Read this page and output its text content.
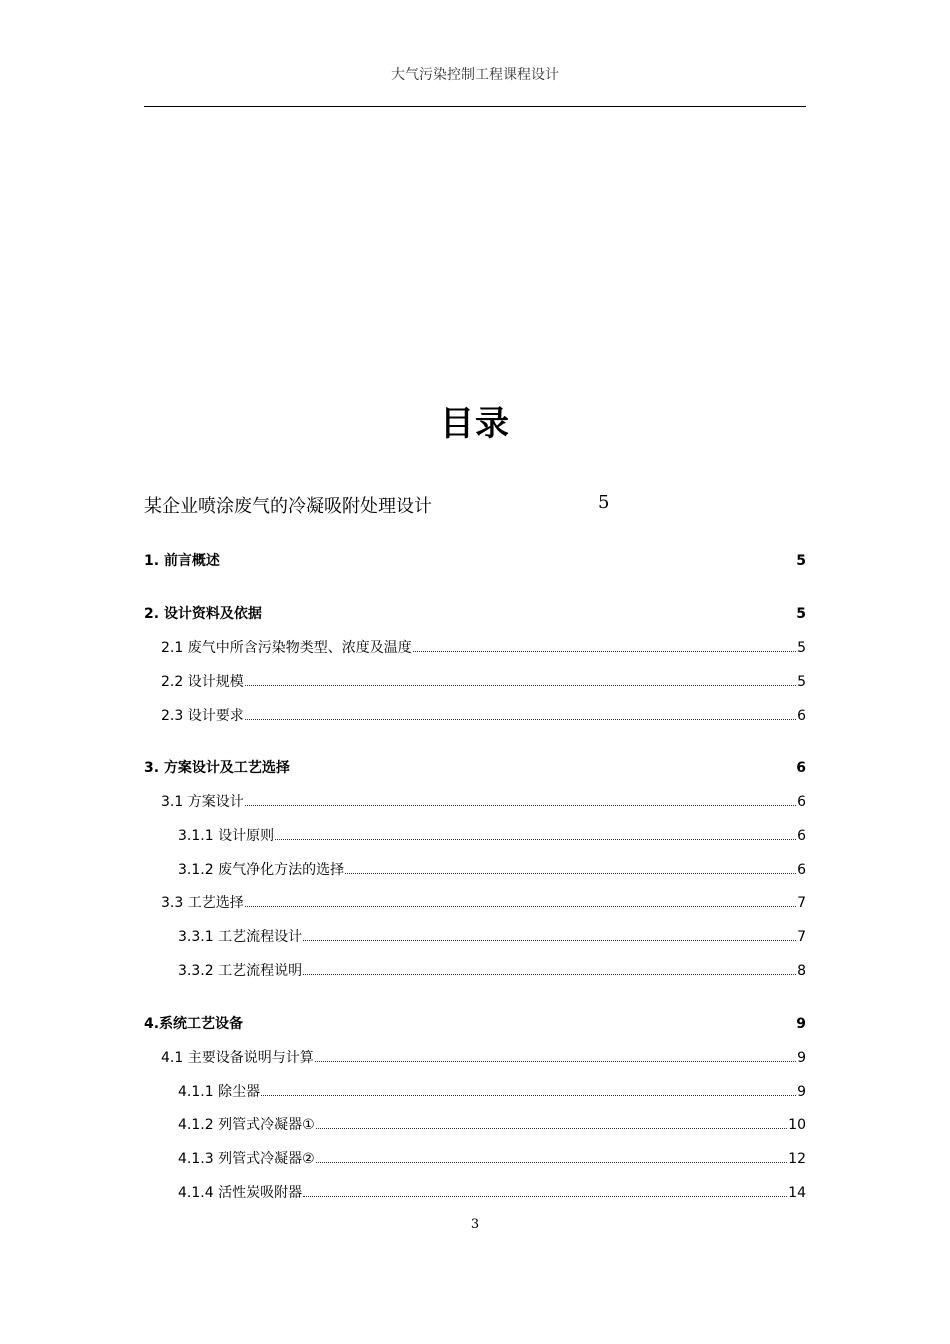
大气污染控制工程课程设计
目录
某企业喷涂废气的冷凝吸附处理设计	5
1. 前言概述	5
2. 设计资料及依据	5
2.1 废气中所含污染物类型、浓度及温度	5
2.2 设计规模	5
2.3 设计要求	6
3. 方案设计及工艺选择	6
3.1 方案设计	6
3.1.1 设计原则	6
3.1.2 废气净化方法的选择	6
3.3 工艺选择	7
3.3.1 工艺流程设计	7
3.3.2 工艺流程说明	8
4.系统工艺设备	9
4.1 主要设备说明与计算	9
4.1.1 除尘器	9
4.1.2 列管式冷凝器①	10
4.1.3 列管式冷凝器②	12
4.1.4 活性炭吸附器	14
3
